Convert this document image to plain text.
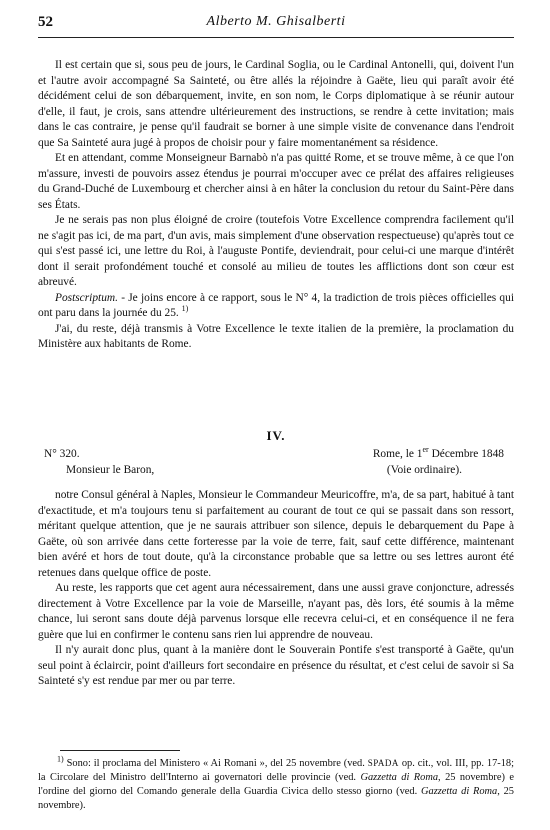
52	Alberto M. Ghisalberti

Il est certain que si, sous peu de jours, le Cardinal Soglia, ou le Cardinal Antonelli, qui, doivent l'un et l'autre avoir accompagné Sa Sainteté, ou être allés la réjoindre à Gaëte, lieu qui paraît avoir été décidément celui de son débarquement, invite, en son nom, le Corps diplomatique à se réunir autour d'elle, il faut, je crois, sans attendre ultérieurement des instructions, se rendre à cette invitation; mais dans le cas contraire, je pense qu'il faudrait se borner à une simple visite de convenance dans l'endroit que Sa Sainteté aura jugé à propos de choisir pour y faire momentanément sa résidence.

Et en attendant, comme Monseigneur Barnabò n'a pas quitté Rome, et se trouve même, à ce que l'on m'assure, investi de pouvoirs assez étendus je pourrai m'occuper avec ce prélat des affaires religieuses du Grand-Duché de Luxembourg et chercher ainsi à en hâter la conclusion du retour du Saint-Père dans ses États.

Je ne serais pas non plus éloigné de croire (toutefois Votre Excellence comprendra facilement qu'il ne s'agit pas ici, de ma part, d'un avis, mais simplement d'une observation respectueuse) qu'après tout ce qui s'est passé ici, une lettre du Roi, à l'auguste Pontife, deviendrait, pour celui-ci une marque d'intérêt dont il serait profondément touché et consolé au milieu de toutes les afflictions dont son cœur est abreuvé.

Postscriptum. - Je joins encore à ce rapport, sous le N° 4, la tradiction de trois pièces officielles qui ont paru dans la journée du 25. $^{1)}$

J'ai, du reste, déjà transmis à Votre Excellence le texte italien de la première, la proclamation du Ministère aux habitants de Rome.

IV.
N° 320.	Rome, le 1er Décembre 1848
(Voie ordinaire).
Monsieur le Baron,

notre Consul général à Naples, Monsieur le Commandeur Meuricoffre, m'a, de sa part, habitué à tant d'exactitude, et m'a toujours tenu si parfaitement au courant de tout ce qui se passait dans son ressort, méritant quelque attention, que je ne saurais attribuer son silence, depuis le debarquement du Pape à Gaëte, où son arrivée dans cette forteresse par la voie de terre, fait, sauf cette différence, maintenant bien avéré et hors de tout doute, qu'à la circonstance probable que sa lettre ou ses lettres auront été retenues dans quelque office de poste.

Au reste, les rapports que cet agent aura nécessairement, dans une aussi grave conjoncture, adressés directement à Votre Excellence par la voie de Marseille, n'ayant pas, dès lors, été soumis à la même chance, lui seront sans doute déjà parvenus lorsque elle recevra celui-ci, et en conséquence il ne fera guère que lui en confirmer le contenu sans rien lui apprendre de nouveau.

Il n'y aurait donc plus, quant à la manière dont le Souverain Pontife s'est transporté à Gaëte, qu'un seul point à éclaircir, point d'ailleurs fort secondaire en présence du résultat, et c'est celui de savoir si Sa Sainteté s'y est rendue par mer ou par terre.

$^{1)}$ Sono: il proclama del Ministero « Ai Romani », del 25 novembre (ved. SPADA op. cit., vol. III, pp. 17-18; la Circolare del Ministro dell'Interno ai governatori delle provincie (ved. Gazzetta di Roma, 25 novembre) e l'ordine del giorno del Comando generale della Guardia Civica dello stesso giorno (ved. Gazzetta di Roma, 25 novembre).
